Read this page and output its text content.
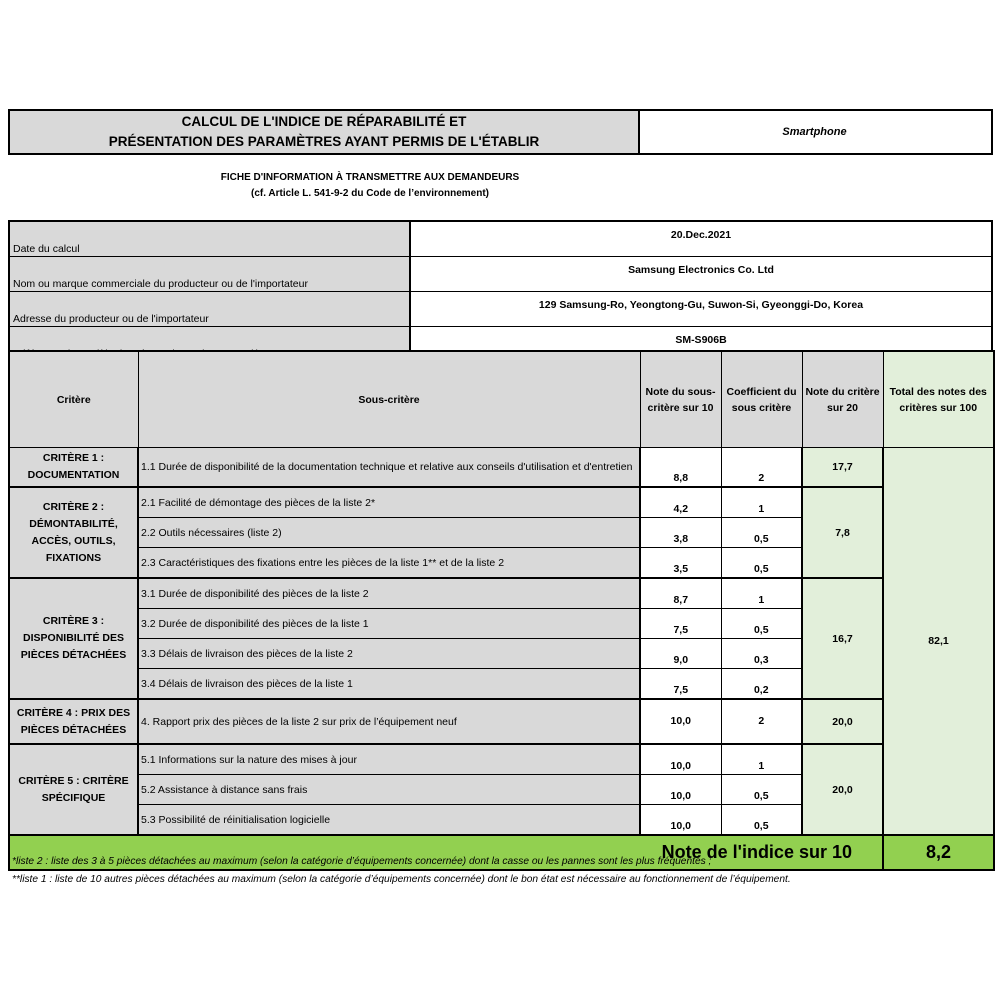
CALCUL DE L'INDICE DE RÉPARABILITÉ ET
PRÉSENTATION DES PARAMÈTRES AYANT PERMIS DE L'ÉTABLIR
Smartphone
FICHE D'INFORMATION À TRANSMETTRE AUX DEMANDEURS
(cf. Article L. 541-9-2 du Code de l’environnement)
Date du calcul	20.Dec.2021
Nom ou marque commerciale du producteur ou de l'importateur	Samsung Electronics Co. Ltd
Adresse du producteur ou de l'importateur	129 Samsung-Ro, Yeongtong-Gu, Suwon-Si, Gyeonggi-Do, Korea
	SM-S906B
Critère	Sous-critère	Note du sous-critère sur 10	Coefficient du sous critère	Note du critère sur 20	Total des notes des critères sur 100
CRITÈRE 1 : DOCUMENTATION	1.1 Durée de disponibilité de la documentation technique et relative aux conseils d'utilisation et d'entretien	8,8	2	17,7	82,1
CRITÈRE 2 : DÉMONTABILITÉ, ACCÈS, OUTILS, FIXATIONS	2.1 Facilité de démontage des pièces de la liste 2*	4,2	1	7,8	
	2.2 Outils nécessaires (liste 2)	3,8	0,5		
	2.3 Caractéristiques des fixations entre les pièces de la liste 1** et de la liste 2	3,5	0,5		
CRITÈRE 3 : DISPONIBILITÉ DES PIÈCES DÉTACHÉES	3.1 Durée de disponibilité des pièces de la liste 2	8,7	1	16,7	
	3.2 Durée de disponibilité des pièces de la liste 1	7,5	0,5		
	3.3 Délais de livraison des pièces de la liste 2	9,0	0,3		
	3.4 Délais de livraison des pièces de la liste 1	7,5	0,2		
CRITÈRE 4 : PRIX DES PIÈCES DÉTACHÉES	4. Rapport prix des pièces de la liste 2 sur prix de l’équipement neuf	10,0	2	20,0	
CRITÈRE 5 : CRITÈRE SPÉCIFIQUE	5.1 Informations sur la nature des mises à jour	10,0	1	20,0	
	5.2 Assistance à distance sans frais	10,0	0,5		
	5.3 Possibilité de réinitialisation logicielle	10,0	0,5		
Note de l'indice sur 10					8,2
*liste 2 : liste des 3 à 5 pièces détachées au maximum (selon la catégorie d’équipements concernée) dont la casse ou les pannes sont les plus fréquentes ;
**liste 1 : liste de 10 autres pièces détachées au maximum (selon la catégorie d’équipements concernée) dont le bon état est nécessaire au fonctionnement de l’équipement.
